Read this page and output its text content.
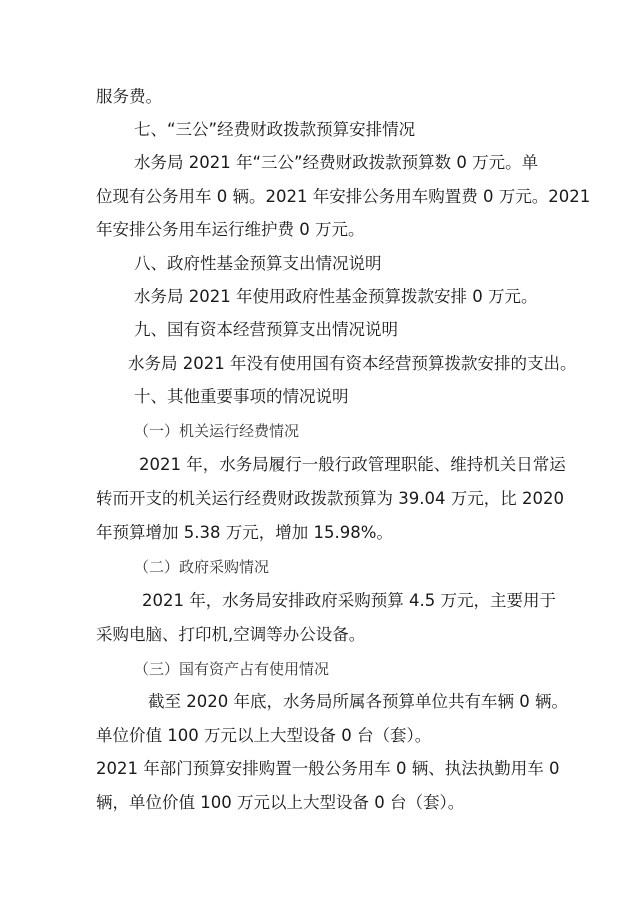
服务费。
七、“三公”经费财政拨款预算安排情况
水务局 2021 年“三公”经费财政拨款预算数 0 万元。单
位现有公务用车 0 辆。2021 年安排公务用车购置费 0 万元。2021
年安排公务用车运行维护费 0 万元。
八、政府性基金预算支出情况说明
水务局 2021 年使用政府性基金预算拨款安排 0 万元。
九、国有资本经营预算支出情况说明
水务局 2021 年没有使用国有资本经营预算拨款安排的支出。
十、其他重要事项的情况说明
（一）机关运行经费情况
2021 年，水务局履行一般行政管理职能、维持机关日常运
转而开支的机关运行经费财政拨款预算为 39.04 万元，比 2020
年预算增加 5.38 万元，增加 15.98%。
（二）政府采购情况
2021 年，水务局安排政府采购预算 4.5 万元，主要用于
采购电脑、打印机,空调等办公设备。
（三）国有资产占有使用情况
截至 2020 年底，水务局所属各预算单位共有车辆 0 辆。
单位价值 100 万元以上大型设备 0 台（套）。
2021 年部门预算安排购置一般公务用车 0 辆、执法执勤用车 0
辆，单位价值 100 万元以上大型设备 0 台（套）。
